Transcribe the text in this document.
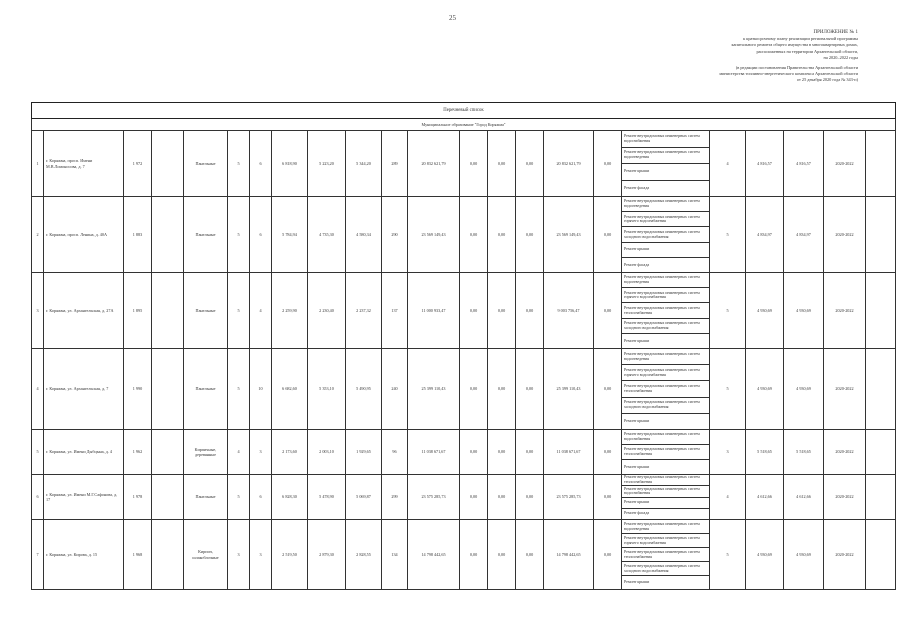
25
ПРИЛОЖЕНИЕ № 1
к краткосрочному плану реализации региональной программы
капитального ремонта общего имущества в многоквартирных домах,
расположенных на территории Архангельской области,
на 2020–2022 годы
(в редакции постановления Правительства Архангельской области
министерства топливно-энергетического комплекса Архангельской области
от 25 декабря 2020 года № 343-п)
Перечневый список																						
Муниципальное образование "Город Коряжма"																						
1	г. Коряжма, просп. Имени М.В.Ломоносова, д. 7	1 972		Панельные	5	6	6 818,90	5 223,20	5 344,20	289	20 832 621,79	0,00	0,00	0,00	20 832 621,79	0,00	Ремонт внутридомовых инженерных систем водоснабжения
Ремонт внутридомовых инженерных систем водоотведения
Ремонт крыши
Ремонт фасада	4	4 816,57	4 816,57	2020-2022	
2	г. Коряжма, просп. Ленина, д. 40А	1 883		Панельные	5	6	5 784,94	4 735,30	4 580,34	290	23 569 149,43	0,00	0,00	0,00	23 569 149,43	0,00	Ремонт внутридомовых инженерных систем водоотведения
Ремонт внутридомовых инженерных систем горячего водоснабжения
Ремонт внутридомовых инженерных систем холодного водоснабжения
Ремонт крыши
Ремонт фасада	5	4 834,97	4 834,97	2020-2022	
3	г. Коряжма, ул. Архангельская, д. 27А	1 895		Панельные	5	4	2 259,90	2 230,40	2 237,32	137	11 000 933,47	0,00	0,00	0,00	9 003 756,47	0,00	Ремонт внутридомовых инженерных систем водоотведения
Ремонт внутридомовых инженерных систем горячего водоснабжения
Ремонт внутридомовых инженерных систем теплоснабжения
Ремонт внутридомовых инженерных систем холодного водоснабжения
Ремонт крыши	5	4 930,69	4 930,69	2020-2022	
4	г. Коряжма, ул. Архангельская, д. 7	1 990		Панельные	5	10	6 682,60	5 353,10	5 490,95	240	25 399 110,43	0,00	0,00	0,00	25 399 110,43	0,00	Ремонт внутридомовых инженерных систем водоотведения
Ремонт внутридомовых инженерных систем горячего водоснабжения
Ремонт внутридомовых инженерных систем теплоснабжения
Ремонт внутридомовых инженерных систем холодного водоснабжения
Ремонт крыши	5	4 930,69	4 930,69	2020-2022	
5	г. Коряжма, ул. Имени Дыбцына, д. 4	1 962		Кирпичные, деревянные	4	3	2 173,60	2 003,10	1 929,65	96	11 038 671,67	0,00	0,00	0,00	11 038 671,67	0,00	Ремонт внутридомовых инженерных систем водоснабжения
Ремонт внутридомовых инженерных систем теплоснабжения
Ремонт крыши	3	5 518,65	5 518,65	2020-2022	
6	г. Коряжма, ул. Имени М.Г.Сафонова, д. 17	1 978		Панельные	5	6	6 828,30	5 478,90	5 069,87	299	23 575 285,73	0,00	0,00	0,00	23 575 285,73	0,00	Ремонт внутридомовых инженерных систем теплоснабжения
Ремонт внутридомовых инженерных систем водоснабжения
Ремонт крыши
Ремонт фасада	4	4 612,66	4 612,66	2020-2022	
7	г. Коряжма, ул. Кирова, д. 15	1 968		Кирпич, шлакоблочные	3	3	2 519,50	2 879,30	2 828,55	134	14 798 442,65	0,00	0,00	0,00	14 798 442,65	0,00	Ремонт внутридомовых инженерных систем водоотведения
Ремонт внутридомовых инженерных систем горячего водоснабжения
Ремонт внутридомовых инженерных систем теплоснабжения
Ремонт внутридомовых инженерных систем холодного водоснабжения
Ремонт крыши	5	4 930,69	4 930,69	2020-2022	
